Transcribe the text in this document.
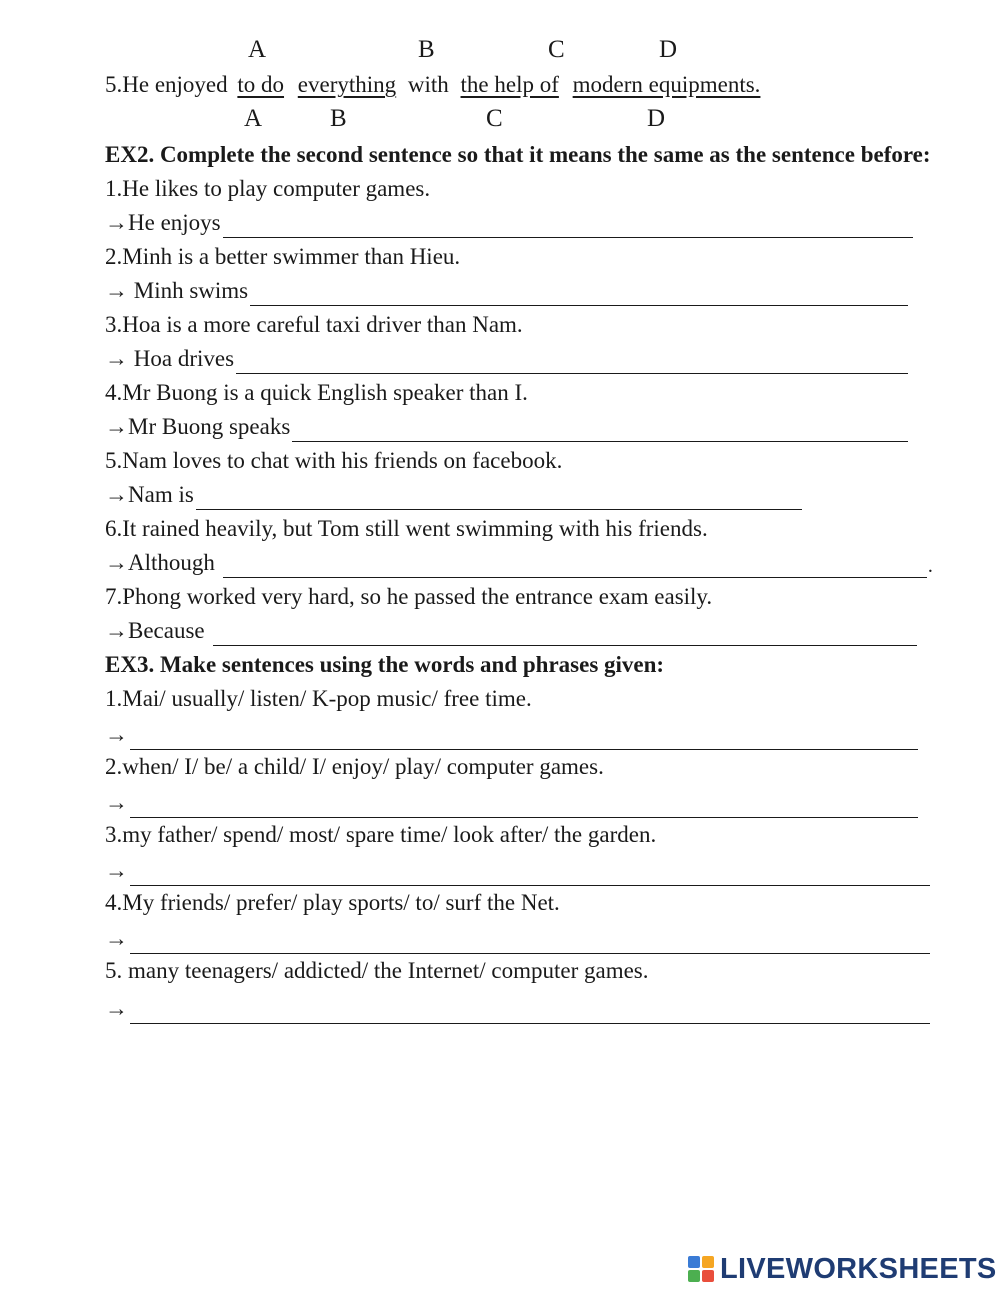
A	B	C	D
5.He enjoyed to do everything with the help of modern equipments.
A	B	C	D
EX2. Complete the second sentence so that it means the same as the sentence before:
1.He likes to play computer games.
→He enjoys
2.Minh is a better swimmer than Hieu.
→ Minh swims
3.Hoa is a more careful taxi driver than Nam.
→ Hoa drives
4.Mr Buong is a quick English speaker than I.
→Mr Buong speaks
5.Nam loves to chat with his friends on facebook.
→Nam is
6.It rained heavily, but Tom still went swimming with his friends.
→Although	.
7.Phong worked very hard, so he passed the entrance exam easily.
→Because
EX3. Make sentences using the words and phrases given:
1.Mai/ usually/ listen/ K-pop music/ free time.
→
2.when/ I/ be/ a child/ I/ enjoy/ play/ computer games.
→
3.my father/ spend/ most/ spare time/ look after/ the garden.
→
4.My friends/ prefer/ play sports/ to/ surf the Net.
→
5. many teenagers/ addicted/ the Internet/ computer games.
→
LIVEWORKSHEETS
